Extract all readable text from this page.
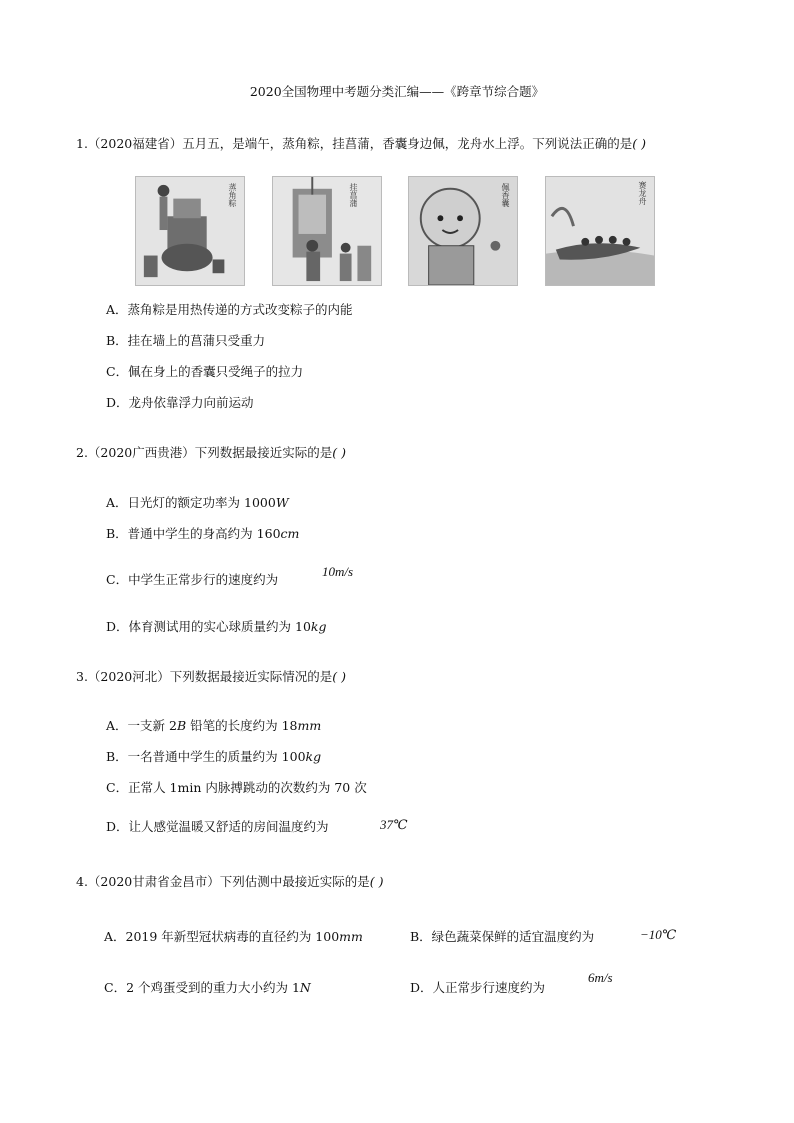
2020全国物理中考题分类汇编——《跨章节综合题》
1.（2020福建省）五月五，是端午，蒸角粽，挂菖蒲，香囊身边佩，龙舟水上浮。下列说法正确的是( )
蒸角粽	挂菖蒲	佩香囊	赛龙舟
A．蒸角粽是用热传递的方式改变粽子的内能
B．挂在墙上的菖蒲只受重力
C．佩在身上的香囊只受绳子的拉力
D．龙舟依靠浮力向前运动
2.（2020广西贵港）下列数据最接近实际的是( )
A．日光灯的额定功率为 1000W
B．普通中学生的身高约为 160cm
C．中学生正常步行的速度约为
10m/s
D．体育测试用的实心球质量约为 10kg
3.（2020河北）下列数据最接近实际情况的是( )
A．一支新 2B 铅笔的长度约为 18mm
B．一名普通中学生的质量约为 100kg
C．正常人 1min 内脉搏跳动的次数约为 70 次
D．让人感觉温暖又舒适的房间温度约为	37℃
4.（2020甘肃省金昌市）下列估测中最接近实际的是( )
A．2019 年新型冠状病毒的直径约为 100mm	B．绿色蔬菜保鲜的适宜温度约为	−10℃
C．2 个鸡蛋受到的重力大小约为 1N	D．人正常步行速度约为
6m/s
